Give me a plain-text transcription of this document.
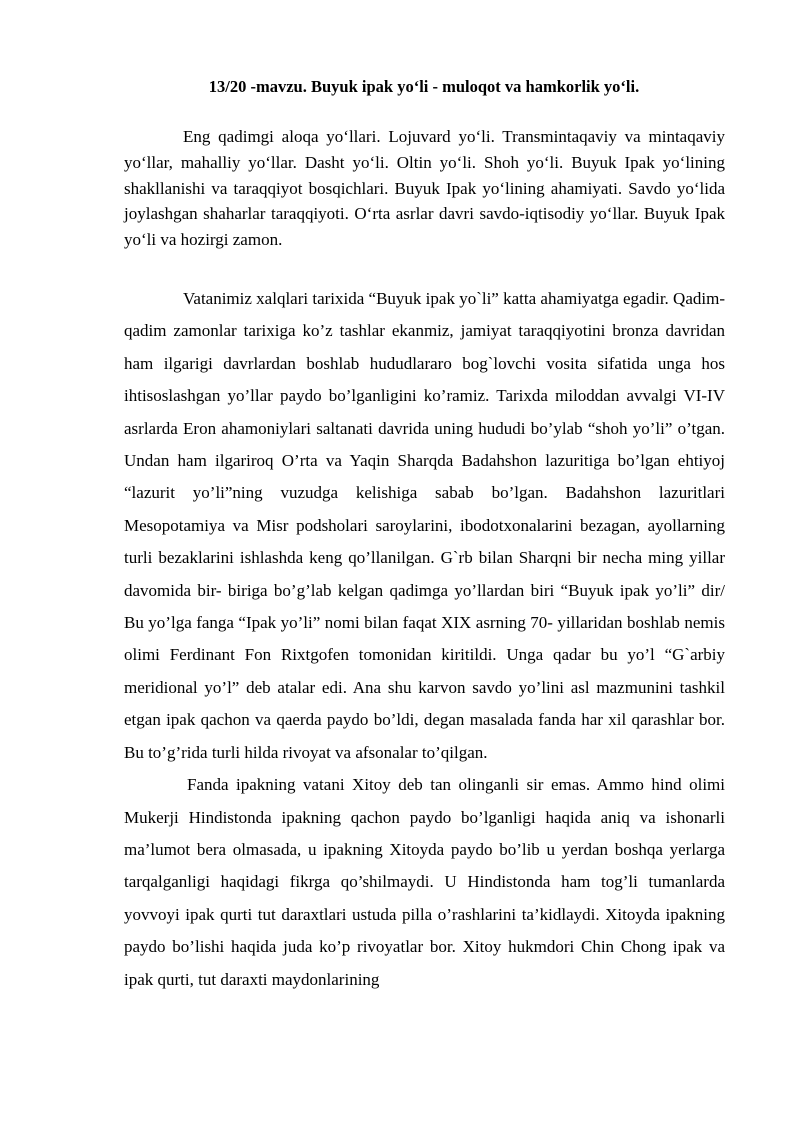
13/20 -mavzu. Buyuk ipak yo‘li - muloqot va hamkorlik yo‘li.

Eng qadimgi aloqa yo‘llari. Lojuvard yo‘li. Transmintaqaviy va mintaqaviy yo‘llar, mahalliy yo‘llar. Dasht yo‘li. Oltin yo‘li. Shoh yo‘li. Buyuk Ipak yo‘lining shakllanishi va taraqqiyot bosqichlari. Buyuk Ipak yo‘lining ahamiyati. Savdo yo‘lida joylashgan shaharlar taraqqiyoti. O‘rta asrlar davri savdo-iqtisodiy yo‘llar. Buyuk Ipak yo‘li va hozirgi zamon.

Vatanimiz xalqlari tarixida “Buyuk ipak yo`li” katta ahamiyatga egadir. Qadim-qadim zamonlar tarixiga ko’z tashlar ekanmiz, jamiyat taraqqiyotini bronza davridan ham ilgarigi davrlardan boshlab hududlararo bog`lovchi vosita sifatida unga hos ihtisoslashgan yo’llar paydo bo’lganligini ko’ramiz. Tarixda miloddan avvalgi VI-IV asrlarda Eron ahamoniylari saltanati davrida uning hududi bo’ylab “shoh yo’li” o’tgan. Undan ham ilgariroq O’rta va Yaqin Sharqda Badahshon lazuritiga bo’lgan ehtiyoj “lazurit yo’li”ning vuzudga kelishiga sabab bo’lgan. Badahshon lazuritlari Mesopotamiya va Misr podsholari saroylarini, ibodotxonalarini bezagan, ayollarning turli bezaklarini ishlashda keng qo’llanilgan. G`rb bilan Sharqni bir necha ming yillar davomida bir- biriga bo’g’lab kelgan qadimga yo’llardan biri “Buyuk ipak yo’li” dir/ Bu yo’lga fanga “Ipak yo’li” nomi bilan faqat XIX asrning 70- yillaridan boshlab nemis olimi Ferdinant Fon Rixtgofen tomonidan kiritildi. Unga qadar bu yo’l “G`arbiy meridional yo’l” deb atalar edi. Ana shu karvon savdo yo’lini asl mazmunini tashkil etgan ipak qachon va qaerda paydo bo’ldi, degan masalada fanda har xil qarashlar bor. Bu to’g’rida turli hilda rivoyat va afsonalar to’qilgan.

Fanda ipakning vatani Xitoy deb tan olinganli sir emas. Ammo hind olimi Mukerji Hindistonda ipakning qachon paydo bo’lganligi haqida aniq va ishonarli ma’lumot bera olmasada, u ipakning Xitoyda paydo bo’lib u yerdan boshqa yerlarga tarqalganligi haqidagi fikrga qo’shilmaydi. U Hindistonda ham tog’li tumanlarda yovvoyi ipak qurti tut daraxtlari ustuda pilla o’rashlarini ta’kidlaydi. Xitoyda ipakning paydo bo’lishi haqida juda ko’p rivoyatlar bor. Xitoy hukmdori Chin Chong ipak va ipak qurti, tut daraxti maydonlarining
